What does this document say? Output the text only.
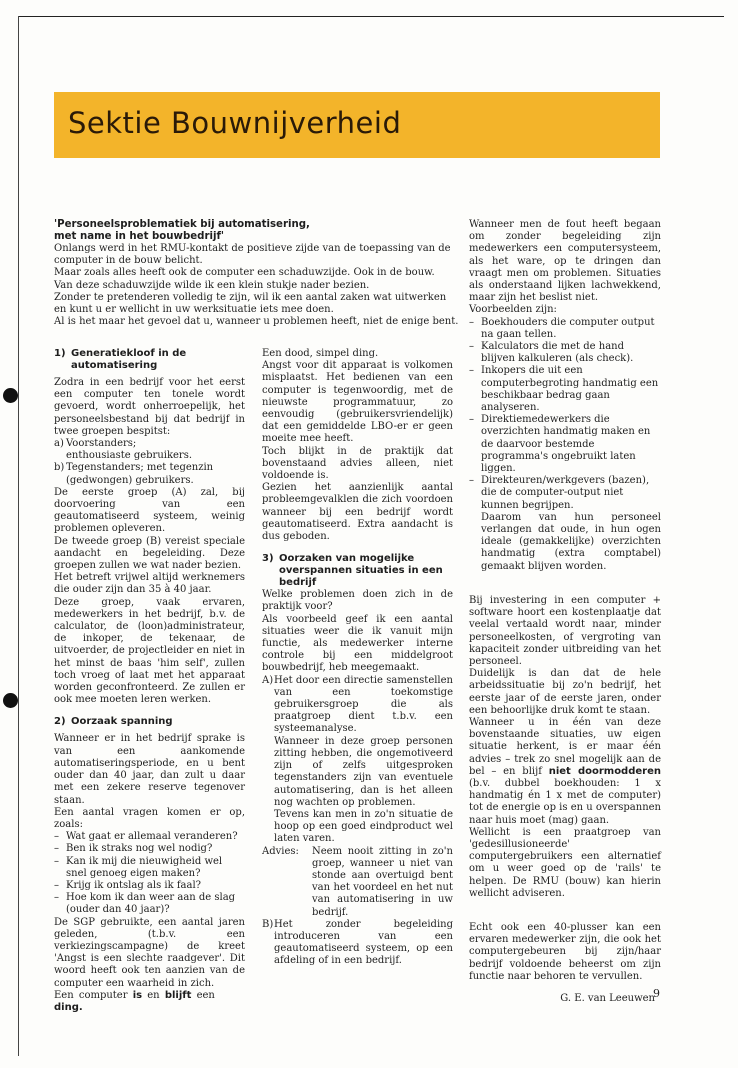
Sektie Bouwnijverheid

'Personeelsproblematiek bij automatisering,

met name in het bouwbedrijf'

Onlangs werd in het RMU-kontakt de positieve zijde van de toepassing van de computer in de bouw belicht.

Maar zoals alles heeft ook de computer een schaduwzijde. Ook in de bouw.

Van deze schaduwzijde wilde ik een klein stukje nader bezien.

Zonder te pretenderen volledig te zijn, wil ik een aantal zaken wat uitwerken en kunt u er wellicht in uw werksituatie iets mee doen.

Al is het maar het gevoel dat u, wanneer u problemen heeft, niet de enige bent.

1) Generatiekloof in de
automatisering

Zodra in een bedrijf voor het eerst een computer ten tonele wordt gevoerd, wordt onherroepelijk, het personeelsbestand bij dat bedrijf in twee groepen bespitst:

a) Voorstanders;
enthousiaste gebruikers.
b) Tegenstanders; met tegenzin
(gedwongen) gebruikers.

De eerste groep (A) zal, bij doorvoering van een geautomatiseerd systeem, weinig problemen opleveren.

De tweede groep (B) vereist speciale aandacht en begeleiding. Deze groepen zullen we wat nader bezien.

Het betreft vrijwel altijd werknemers die ouder zijn dan 35 à 40 jaar.

Deze groep, vaak ervaren, medewerkers in het bedrijf, b.v. de calculator, de (loon)administrateur, de inkoper, de tekenaar, de uitvoerder, de projectleider en niet in het minst de baas 'him self', zullen toch vroeg of laat met het apparaat worden geconfronteerd. Ze zullen er ook mee moeten leren werken.

2) Oorzaak spanning

Wanneer er in het bedrijf sprake is van een aankomende automatiseringsperiode, en u bent ouder dan 40 jaar, dan zult u daar met een zekere reserve tegenover staan.

Een aantal vragen komen er op, zoals:

– Wat gaat er allemaal veranderen?
– Ben ik straks nog wel nodig?
– Kan ik mij die nieuwigheid wel snel genoeg eigen maken?
– Krijg ik ontslag als ik faal?
– Hoe kom ik dan weer aan de slag (ouder dan 40 jaar)?

De SGP gebruikte, een aantal jaren geleden, (t.b.v. een verkiezingscampagne) de kreet 'Angst is een slechte raadgever'. Dit woord heeft ook ten aanzien van de computer een waarheid in zich.

Een computer is en blijft een ding.

Een dood, simpel ding.

Angst voor dit apparaat is volkomen misplaatst. Het bedienen van een computer is tegenwoordig, met de nieuwste programmatuur, zo eenvoudig (gebruikersvriendelijk) dat een gemiddelde LBO-er er geen moeite mee heeft.

Toch blijkt in de praktijk dat bovenstaand advies alleen, niet voldoende is.

Gezien het aanzienlijk aantal probleemgevalklen die zich voordoen wanneer bij een bedrijf wordt geautomatiseerd. Extra aandacht is dus geboden.

3) Oorzaken van mogelijke
overspannen situaties in een
bedrijf

Welke problemen doen zich in de praktijk voor?

Als voorbeeld geef ik een aantal situaties weer die ik vanuit mijn functie, als medewerker interne controle bij een middelgroot bouwbedrijf, heb meegemaakt.

A) Het door een directie samenstellen van een toekomstige gebruikersgroep die als praatgroep dient t.b.v. een systeemanalyse.
Wanneer in deze groep personen zitting hebben, die ongemotiveerd zijn of zelfs uitgesproken tegenstanders zijn van eventuele automatisering, dan is het alleen nog wachten op problemen.
Tevens kan men in zo'n situatie de hoop op een goed eindproduct wel laten varen.
Advies: Neem nooit zitting in zo'n groep, wanneer u niet van stonde aan overtuigd bent van het voordeel en het nut van automatisering in uw bedrijf.
B) Het zonder begeleiding introduceren van een geautomatiseerd systeem, op een afdeling of in een bedrijf.

Wanneer men de fout heeft begaan om zonder begeleiding zijn medewerkers een computersysteem, als het ware, op te dringen dan vraagt men om problemen. Situaties als onderstaand lijken lachwekkend, maar zijn het beslist niet.

Voorbeelden zijn:

– Boekhouders die computer output na gaan tellen.
– Kalculators die met de hand blijven kalkuleren (als check).
– Inkopers die uit een computerbegroting handmatig een beschikbaar bedrag gaan analyseren.
– Direktiemedewerkers die overzichten handmatig maken en de daarvoor bestemde programma's ongebruikt laten liggen.
– Direkteuren/werkgevers (bazen), die de computer-output niet kunnen begrijpen.
Daarom van hun personeel verlangen dat oude, in hun ogen ideale (gemakkelijke) overzichten handmatig (extra comptabel) gemaakt blijven worden.

Bij investering in een computer + software hoort een kostenplaatje dat veelal vertaald wordt naar, minder personeelkosten, of vergroting van kapaciteit zonder uitbreiding van het personeel.

Duidelijk is dan dat de hele arbeidssituatie bij zo'n bedrijf, het eerste jaar of de eerste jaren, onder een behoorlijke druk komt te staan.

Wanneer u in één van deze bovenstaande situaties, uw eigen situatie herkent, is er maar één advies – trek zo snel mogelijk aan de bel – en blijf niet doormodderen (b.v. dubbel boekhouden: 1 x handmatig én 1 x met de computer) tot de energie op is en u overspannen naar huis moet (mag) gaan.

Wellicht is een praatgroep van 'gedesillusioneerde' computergebruikers een alternatief om u weer goed op de 'rails' te helpen. De RMU (bouw) kan hierin wellicht adviseren.

Echt ook een 40-plusser kan een ervaren medewerker zijn, die ook het computergebeuren bij zijn/haar bedrijf voldoende beheerst om zijn functie naar behoren te vervullen.

G. E. van Leeuwen

9
